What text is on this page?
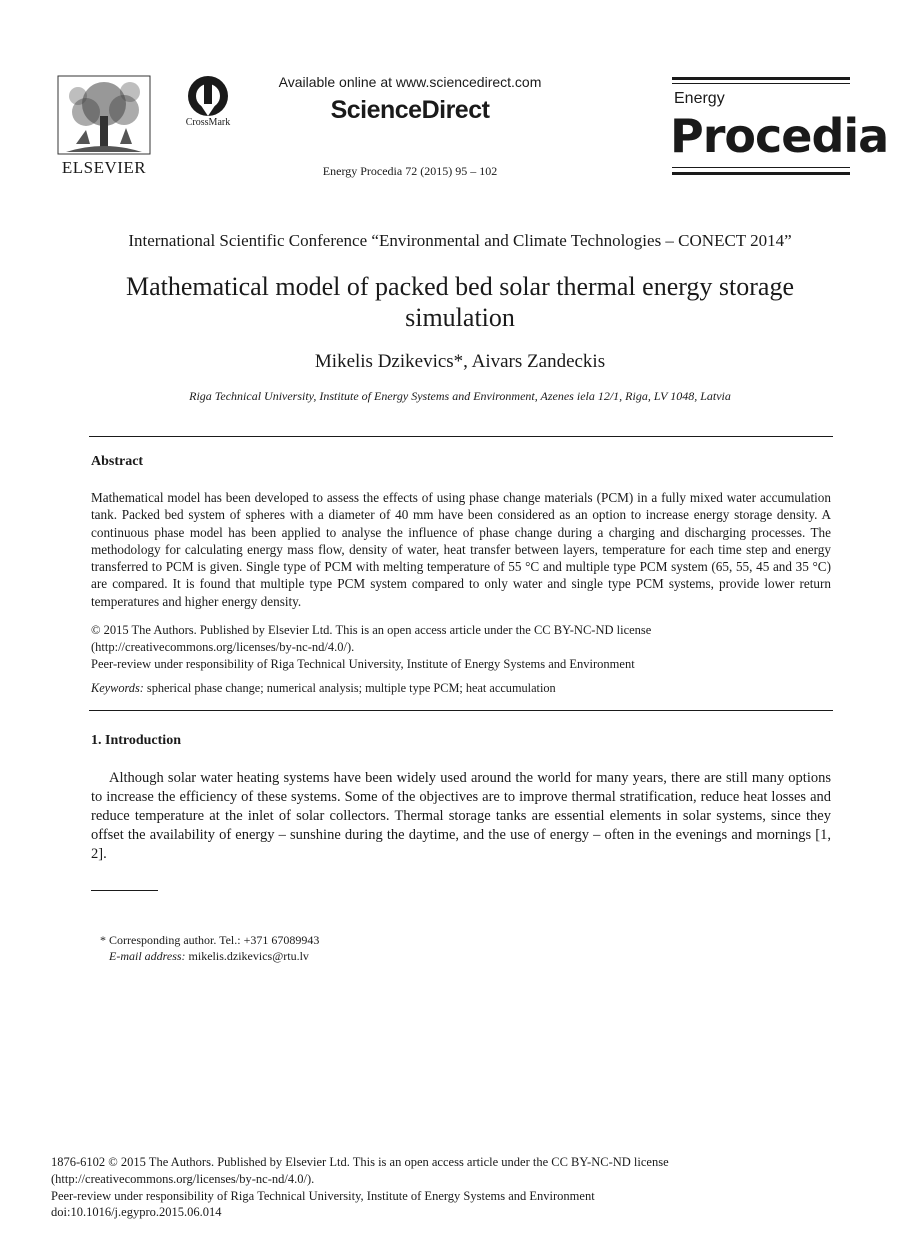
ELSEVIER
CrossMark
Available online at www.sciencedirect.com
ScienceDirect
Energy Procedia 72 (2015) 95 – 102
Energy
Procedia
International Scientific Conference “Environmental and Climate Technologies – CONECT 2014”
Mathematical model of packed bed solar thermal energy storage
simulation
Mikelis Dzikevics*, Aivars Zandeckis
Riga Technical University, Institute of Energy Systems and Environment, Azenes iela 12/1, Riga, LV 1048, Latvia
Abstract
Mathematical model has been developed to assess the effects of using phase change materials (PCM) in a fully mixed water accumulation tank. Packed bed system of spheres with a diameter of 40 mm have been considered as an option to increase energy storage density. A continuous phase model has been applied to analyse the influence of phase change during a charging and discharging processes. The methodology for calculating energy mass flow, density of water, heat transfer between layers, temperature for each time step and energy transferred to PCM is given. Single type of PCM with melting temperature of 55 °C and multiple type PCM system (65, 55, 45 and 35 °C) are compared. It is found that multiple type PCM system compared to only water and single type PCM systems, provide lower return temperatures and higher energy density.
© 2015 The Authors. Published by Elsevier Ltd. This is an open access article under the CC BY-NC-ND license
(http://creativecommons.org/licenses/by-nc-nd/4.0/).
Peer-review under responsibility of Riga Technical University, Institute of Energy Systems and Environment
Keywords: spherical phase change; numerical analysis; multiple type PCM; heat accumulation
1. Introduction
Although solar water heating systems have been widely used around the world for many years, there are still many options to increase the efficiency of these systems. Some of the objectives are to improve thermal stratification, reduce heat losses and reduce temperature at the inlet of solar collectors. Thermal storage tanks are essential elements in solar systems, since they offset the availability of energy – sunshine during the daytime, and the use of energy – often in the evenings and mornings [1, 2].
* Corresponding author. Tel.: +371 67089943
E-mail address: mikelis.dzikevics@rtu.lv
1876-6102 © 2015 The Authors. Published by Elsevier Ltd. This is an open access article under the CC BY-NC-ND license
(http://creativecommons.org/licenses/by-nc-nd/4.0/).
Peer-review under responsibility of Riga Technical University, Institute of Energy Systems and Environment
doi:10.1016/j.egypro.2015.06.014
